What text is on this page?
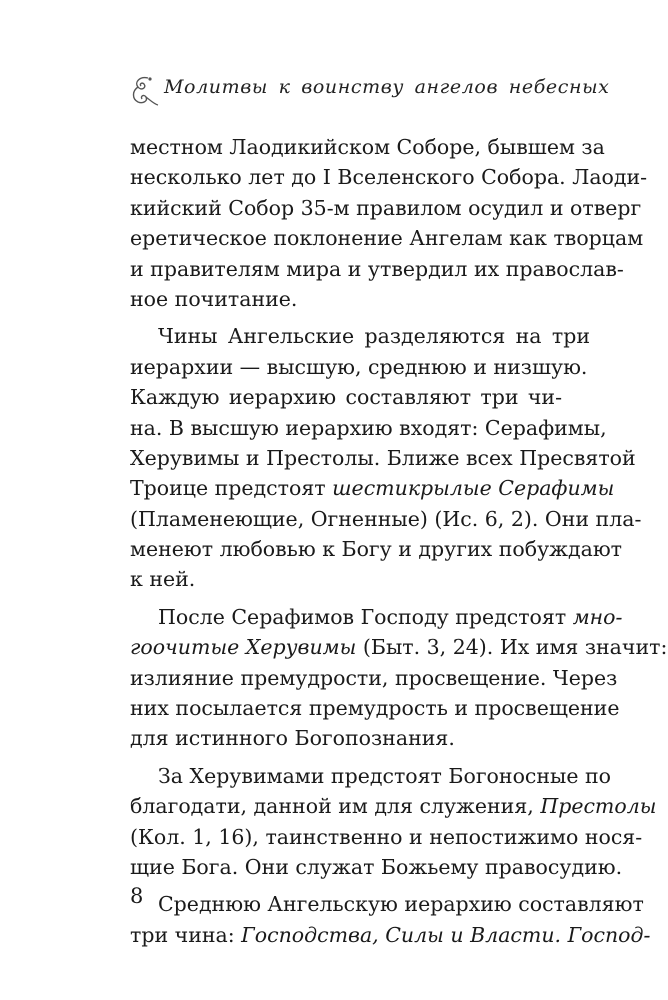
Молитвы к воинству ангелов небесных
местном Лаодикийском Соборе, бывшем за
несколько лет до I Вселенского Собора. Лаоди-
кийский Собор 35-м правилом осудил и отверг
еретическое поклонение Ангелам как творцам
и правителям мира и утвердил их православ-
ное почитание.
Чины Ангельские разделяются на три
иерархии — высшую, среднюю и низшую.
Каждую иерархию составляют три чи-
на. В высшую иерархию входят: Серафимы,
Херувимы и Престолы. Ближе всех Пресвятой
Троице предстоят шестикрылые Серафимы
(Пламенеющие, Огненные) (Ис. 6, 2). Они пла-
менеют любовью к Богу и других побуждают
к ней.
После Серафимов Господу предстоят мно-
гоочитые Херувимы (Быт. 3, 24). Их имя значит:
излияние премудрости, просвещение. Через
них посылается премудрость и просвещение
для истинного Богопознания.
За Херувимами предстоят Богоносные по
благодати, данной им для служения, Престолы
(Кол. 1, 16), таинственно и непостижимо нося-
щие Бога. Они служат Божьему правосудию.
Среднюю Ангельскую иерархию составляют
три чина: Господства, Силы и Власти. Господ-
8
